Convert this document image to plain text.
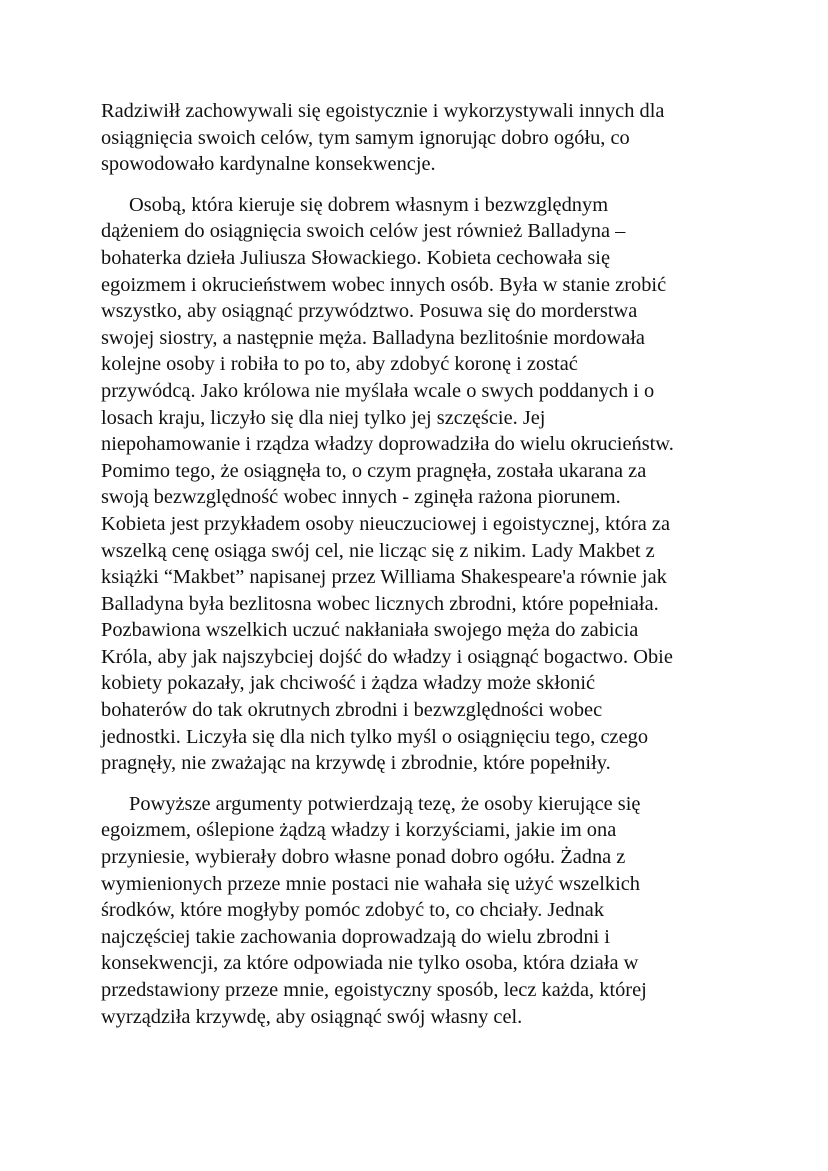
Radziwiłł zachowywali się egoistycznie i wykorzystywali innych dla
osiągnięcia swoich celów, tym samym ignorując dobro ogółu, co
spowodowało kardynalne konsekwencje.

Osobą, która kieruje się dobrem własnym i bezwzględnym
dążeniem do osiągnięcia swoich celów jest również Balladyna –
bohaterka dzieła Juliusza Słowackiego. Kobieta cechowała się
egoizmem i okrucieństwem wobec innych osób. Była w stanie zrobić
wszystko, aby osiągnąć przywództwo. Posuwa się do morderstwa
swojej siostry, a następnie męża. Balladyna bezlitośnie mordowała
kolejne osoby i robiła to po to, aby zdobyć koronę i zostać
przywódcą. Jako królowa nie myślała wcale o swych poddanych i o
losach kraju, liczyło się dla niej tylko jej szczęście. Jej
niepohamowanie i rządza władzy doprowadziła do wielu okrucieństw.
Pomimo tego, że osiągnęła to, o czym pragnęła, została ukarana za
swoją bezwzględność wobec innych - zginęła rażona piorunem.
Kobieta jest przykładem osoby nieuczuciowej i egoistycznej, która za
wszelką cenę osiąga swój cel, nie licząc się z nikim. Lady Makbet z
książki “Makbet” napisanej przez Williama Shakespeare'a równie jak
Balladyna była bezlitosna wobec licznych zbrodni, które popełniała.
Pozbawiona wszelkich uczuć nakłaniała swojego męża do zabicia
Króla, aby jak najszybciej dojść do władzy i osiągnąć bogactwo. Obie
kobiety pokazały, jak chciwość i żądza władzy może skłonić
bohaterów do tak okrutnych zbrodni i bezwzględności wobec
jednostki. Liczyła się dla nich tylko myśl o osiągnięciu tego, czego
pragnęły, nie zważając na krzywdę i zbrodnie, które popełniły.

Powyższe argumenty potwierdzają tezę, że osoby kierujące się
egoizmem, oślepione żądzą władzy i korzyściami, jakie im ona
przyniesie, wybierały dobro własne ponad dobro ogółu. Żadna z
wymienionych przeze mnie postaci nie wahała się użyć wszelkich
środków, które mogłyby pomóc zdobyć to, co chciały. Jednak
najczęściej takie zachowania doprowadzają do wielu zbrodni i
konsekwencji, za które odpowiada nie tylko osoba, która działa w
przedstawiony przeze mnie, egoistyczny sposób, lecz każda, której
wyrządziła krzywdę, aby osiągnąć swój własny cel.
